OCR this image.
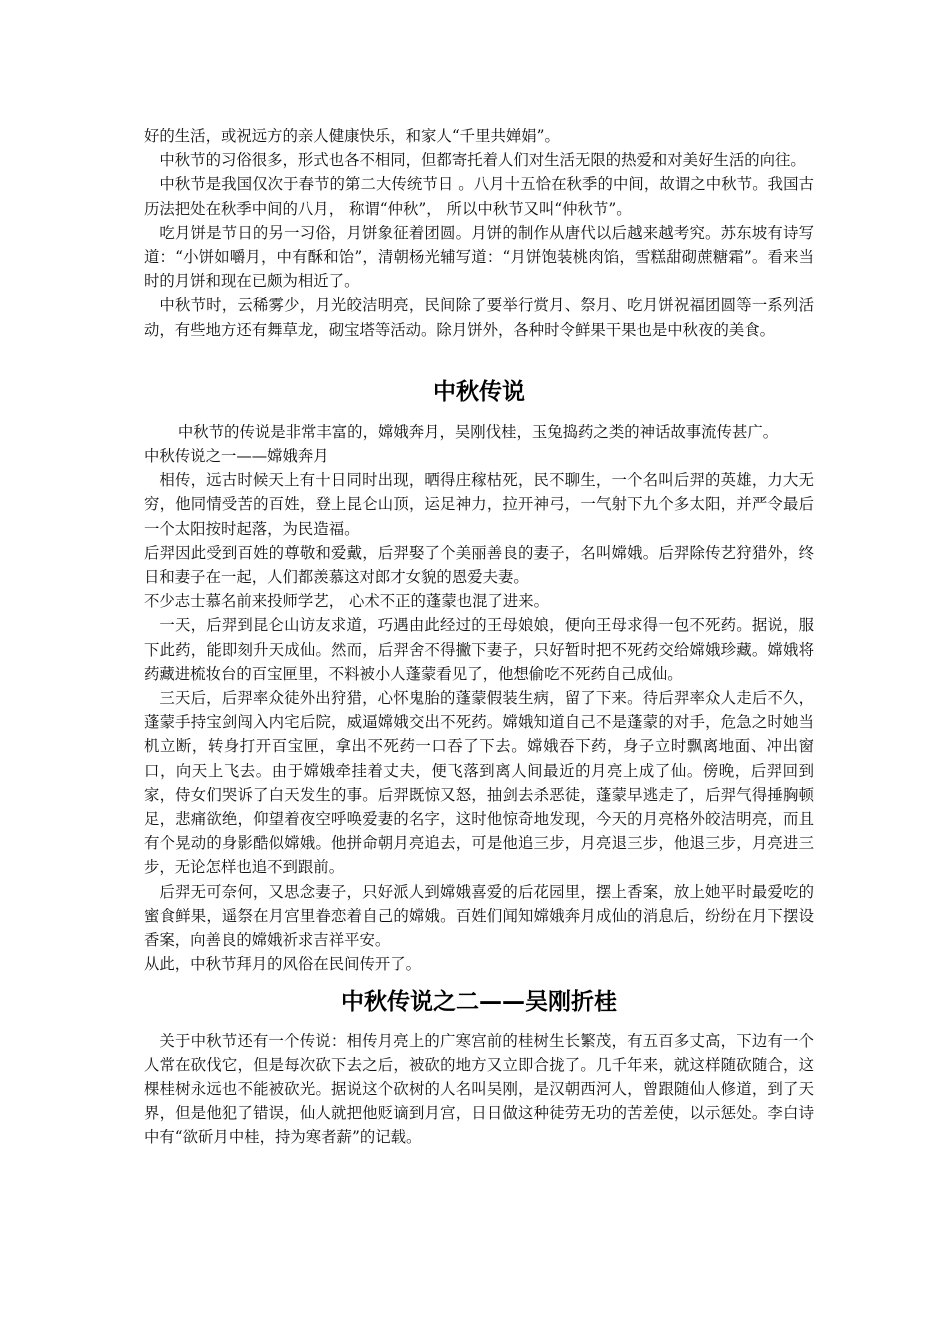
好的生活，或祝远方的亲人健康快乐，和家人“千里共婵娟”。

中秋节的习俗很多，形式也各不相同，但都寄托着人们对生活无限的热爱和对美好生活的向往。

中秋节是我国仅次于春节的第二大传统节日 。八月十五恰在秋季的中间，故谓之中秋节。我国古历法把处在秋季中间的八月， 称谓“仲秋”， 所以中秋节又叫“仲秋节”。

吃月饼是节日的另一习俗，月饼象征着团圆。月饼的制作从唐代以后越来越考究。苏东坡有诗写道：“小饼如嚼月，中有酥和饴”，清朝杨光辅写道：“月饼饱装桃肉馅，雪糕甜砌蔗糖霜”。看来当时的月饼和现在已颇为相近了。

中秋节时，云稀雾少，月光皎洁明亮，民间除了要举行赏月、祭月、吃月饼祝福团圆等一系列活动，有些地方还有舞草龙，砌宝塔等活动。除月饼外，各种时令鲜果干果也是中秋夜的美食。

中秋传说

中秋节的传说是非常丰富的，嫦娥奔月，吴刚伐桂，玉兔捣药之类的神话故事流传甚广。

中秋传说之一——嫦娥奔月

相传，远古时候天上有十日同时出现，晒得庄稼枯死，民不聊生，一个名叫后羿的英雄，力大无穷，他同情受苦的百姓，登上昆仑山顶，运足神力，拉开神弓，一气射下九个多太阳，并严令最后一个太阳按时起落，为民造福。

后羿因此受到百姓的尊敬和爱戴，后羿娶了个美丽善良的妻子，名叫嫦娥。后羿除传艺狩猎外，终日和妻子在一起，人们都羡慕这对郎才女貌的恩爱夫妻。

不少志士慕名前来投师学艺， 心术不正的蓬蒙也混了进来。

一天，后羿到昆仑山访友求道，巧遇由此经过的王母娘娘，便向王母求得一包不死药。据说，服下此药，能即刻升天成仙。然而，后羿舍不得撇下妻子，只好暂时把不死药交给嫦娥珍藏。嫦娥将药藏进梳妆台的百宝匣里，不料被小人蓬蒙看见了，他想偷吃不死药自己成仙。

三天后，后羿率众徒外出狩猎，心怀鬼胎的蓬蒙假装生病，留了下来。待后羿率众人走后不久，蓬蒙手持宝剑闯入内宅后院，威逼嫦娥交出不死药。嫦娥知道自己不是蓬蒙的对手，危急之时她当机立断，转身打开百宝匣，拿出不死药一口吞了下去。嫦娥吞下药，身子立时飘离地面、冲出窗口，向天上飞去。由于嫦娥牵挂着丈夫，便飞落到离人间最近的月亮上成了仙。傍晚，后羿回到家，侍女们哭诉了白天发生的事。后羿既惊又怒，抽剑去杀恶徒，蓬蒙早逃走了，后羿气得捶胸顿足，悲痛欲绝，仰望着夜空呼唤爱妻的名字，这时他惊奇地发现，今天的月亮格外皎洁明亮，而且有个晃动的身影酷似嫦娥。他拼命朝月亮追去，可是他追三步，月亮退三步，他退三步，月亮进三步，无论怎样也追不到跟前。

后羿无可奈何，又思念妻子，只好派人到嫦娥喜爱的后花园里，摆上香案，放上她平时最爱吃的蜜食鲜果，遥祭在月宫里眷恋着自己的嫦娥。百姓们闻知嫦娥奔月成仙的消息后，纷纷在月下摆设香案，向善良的嫦娥祈求吉祥平安。

从此，中秋节拜月的风俗在民间传开了。

中秋传说之二——吴刚折桂

关于中秋节还有一个传说：相传月亮上的广寒宫前的桂树生长繁茂，有五百多丈高，下边有一个人常在砍伐它，但是每次砍下去之后，被砍的地方又立即合拢了。几千年来，就这样随砍随合，这棵桂树永远也不能被砍光。据说这个砍树的人名叫吴刚，是汉朝西河人，曾跟随仙人修道，到了天界，但是他犯了错误，仙人就把他贬谪到月宫，日日做这种徒劳无功的苦差使，以示惩处。李白诗中有“欲斫月中桂，持为寒者薪”的记载。
